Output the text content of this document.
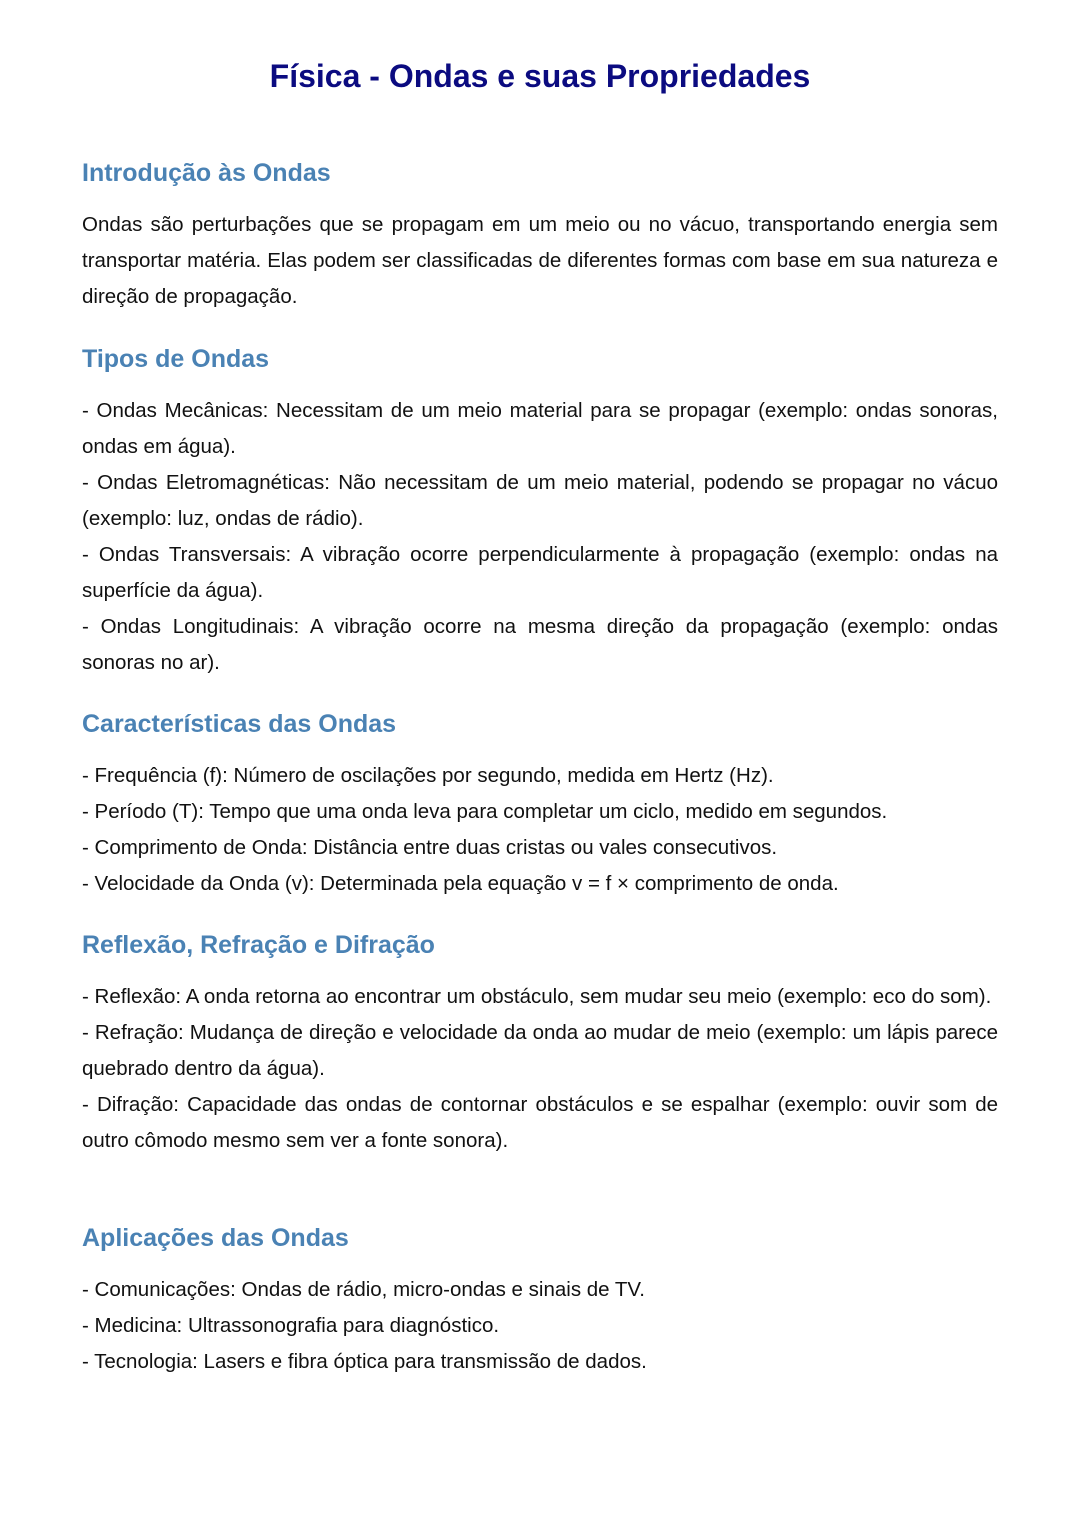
Física - Ondas e suas Propriedades
Introdução às Ondas

Ondas são perturbações que se propagam em um meio ou no vácuo, transportando energia sem transportar matéria. Elas podem ser classificadas de diferentes formas com base em sua natureza e direção de propagação.

Tipos de Ondas

- Ondas Mecânicas: Necessitam de um meio material para se propagar (exemplo: ondas sonoras, ondas em água).

- Ondas Eletromagnéticas: Não necessitam de um meio material, podendo se propagar no vácuo (exemplo: luz, ondas de rádio).

- Ondas Transversais: A vibração ocorre perpendicularmente à propagação (exemplo: ondas na superfície da água).

- Ondas Longitudinais: A vibração ocorre na mesma direção da propagação (exemplo: ondas sonoras no ar).

Características das Ondas

- Frequência (f): Número de oscilações por segundo, medida em Hertz (Hz).

- Período (T): Tempo que uma onda leva para completar um ciclo, medido em segundos.

- Comprimento de Onda: Distância entre duas cristas ou vales consecutivos.

- Velocidade da Onda (v): Determinada pela equação v = f × comprimento de onda.

Reflexão, Refração e Difração

- Reflexão: A onda retorna ao encontrar um obstáculo, sem mudar seu meio (exemplo: eco do som).

- Refração: Mudança de direção e velocidade da onda ao mudar de meio (exemplo: um lápis parece quebrado dentro da água).

- Difração: Capacidade das ondas de contornar obstáculos e se espalhar (exemplo: ouvir som de outro cômodo mesmo sem ver a fonte sonora).

Aplicações das Ondas

- Comunicações: Ondas de rádio, micro-ondas e sinais de TV.

- Medicina: Ultrassonografia para diagnóstico.

- Tecnologia: Lasers e fibra óptica para transmissão de dados.
